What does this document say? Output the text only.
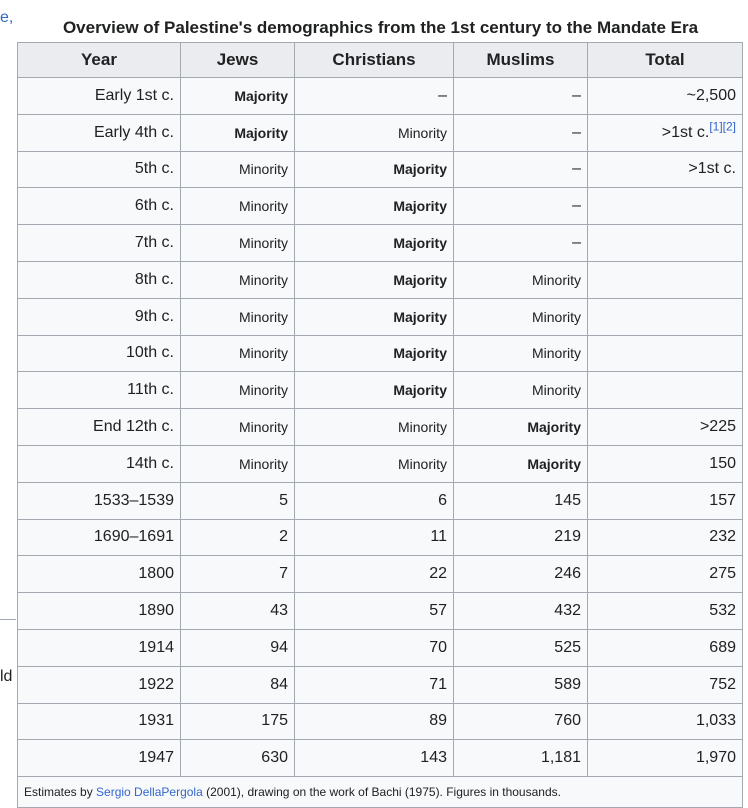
e,
ld
Overview of Palestine's demographics from the 1st century to the Mandate Era
Year	Jews	Christians	Muslims	Total
Early 1st c.	Majority	–	–	~2,500
Early 4th c.	Majority	Minority	–	>1st c.[1][2]
5th c.	Minority	Majority	–	>1st c.
6th c.	Minority	Majority	–	
7th c.	Minority	Majority	–	
8th c.	Minority	Majority	Minority	
9th c.	Minority	Majority	Minority	
10th c.	Minority	Majority	Minority	
11th c.	Minority	Majority	Minority	
End 12th c.	Minority	Minority	Majority	>225
14th c.	Minority	Minority	Majority	150
1533–1539	5	6	145	157
1690–1691	2	11	219	232
1800	7	22	246	275
1890	43	57	432	532
1914	94	70	525	689
1922	84	71	589	752
1931	175	89	760	1,033
1947	630	143	1,181	1,970
Estimates by Sergio DellaPergola (2001), drawing on the work of Bachi (1975). Figures in thousands.				
